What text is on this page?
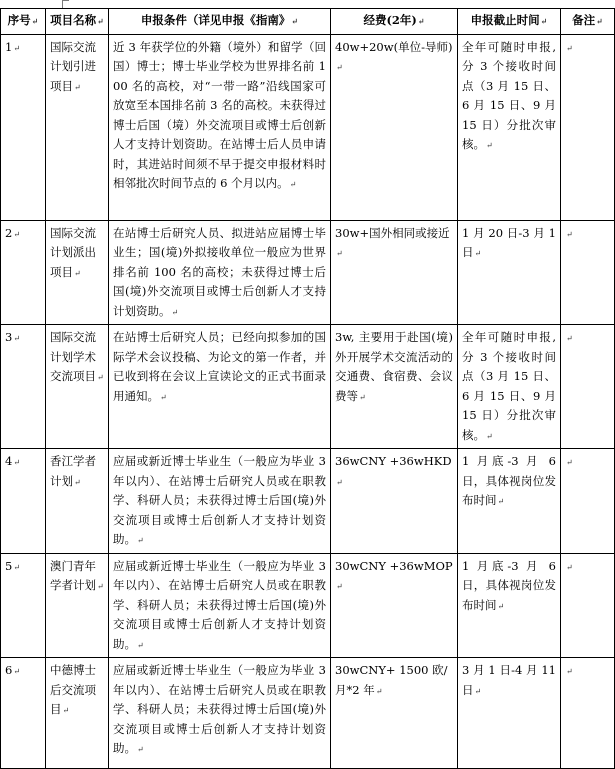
序号↵	项目名称↵	申报条件（详见申报《指南》↵	经费(2年)↵	申报截止时间↵	备注↵
1↵	国际交流计划引进项目↵	近 3 年获学位的外籍（境外）和留学（回国）博士；博士毕业学校为世界排名前 100 名的高校，对“一带一路”沿线国家可放宽至本国排名前 3 名的高校。未获得过博士后国（境）外交流项目或博士后创新人才支持计划资助。在站博士后人员申请时，其进站时间须不早于提交申报材料时相邻批次时间节点的 6 个月以内。↵	40w+20w(单位-导师)↵	全年可随时申报,分 3 个接收时间点（3 月 15 日、6 月 15 日、9 月 15 日）分批次审核。↵	↵
2↵	国际交流计划派出项目↵	在站博士后研究人员、拟进站应届博士毕业生；国(境)外拟接收单位一般应为世界排名前 100 名的高校；未获得过博士后国(境)外交流项目或博士后创新人才支持计划资助。↵	30w+国外相同或接近↵	1 月 20 日-3 月 1 日↵	↵
3↵	国际交流计划学术交流项目↵	在站博士后研究人员；已经向拟参加的国际学术会议投稿、为论文的第一作者，并已收到将在会议上宣读论文的正式书面录用通知。↵	3w, 主要用于赴国(境)外开展学术交流活动的交通费、食宿费、会议费等↵	全年可随时申报,分 3 个接收时间点（3 月 15 日、6 月 15 日、9 月 15 日）分批次审核。↵	↵
4↵	香江学者计划↵	应届或新近博士毕业生（一般应为毕业 3 年以内）、在站博士后研究人员或在职教学、科研人员；未获得过博士后国(境)外交流项目或博士后创新人才支持计划资助。↵	36wCNY +36wHKD↵	1 月底-3 月 6 日，具体视岗位发布时间↵	↵
5↵	澳门青年学者计划↵	应届或新近博士毕业生（一般应为毕业 3 年以内）、在站博士后研究人员或在职教学、科研人员；未获得过博士后国(境)外交流项目或博士后创新人才支持计划资助。↵	30wCNY +36wMOP↵	1 月底-3 月 6 日，具体视岗位发布时间↵	↵
6↵	中德博士后交流项目↵	应届或新近博士毕业生（一般应为毕业 3 年以内）、在站博士后研究人员或在职教学、科研人员；未获得过博士后国(境)外交流项目或博士后创新人才支持计划资助。↵	30wCNY+ 1500 欧/月*2 年↵	3 月 1 日-4 月 11 日↵	↵
